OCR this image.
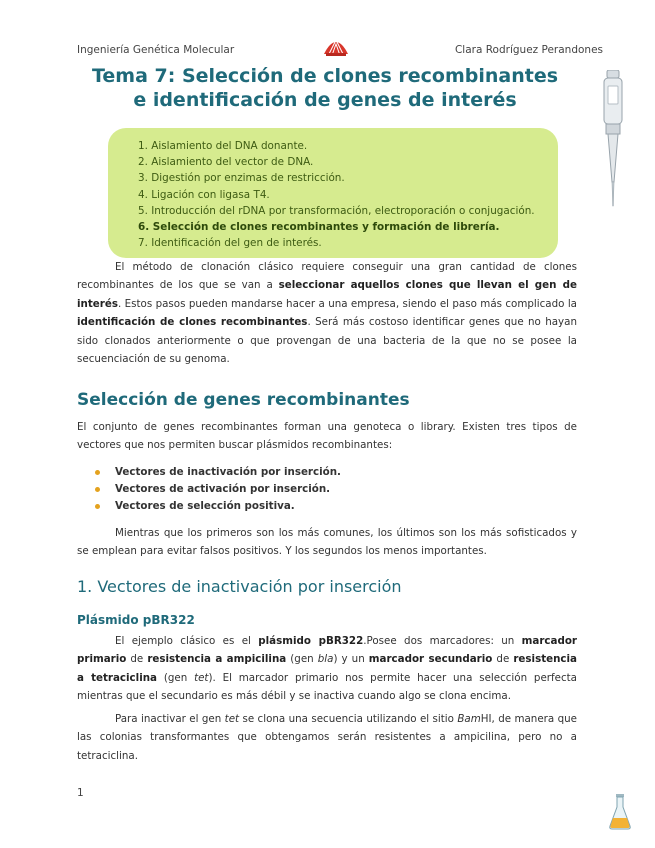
Ingeniería Genética Molecular	Clara Rodríguez Perandones
Tema 7: Selección de clones recombinantes e identificación de genes de interés
1. Aislamiento del DNA donante.
2. Aislamiento del vector de DNA.
3. Digestión por enzimas de restricción.
4. Ligación con ligasa T4.
5. Introducción del rDNA por transformación, electroporación o conjugación.
6. Selección de clones recombinantes y formación de librería.
7. Identificación del gen de interés.

El método de clonación clásico requiere conseguir una gran cantidad de clones recombinantes de los que se van a seleccionar aquellos clones que llevan el gen de interés. Estos pasos pueden mandarse hacer a una empresa, siendo el paso más complicado la identificación de clones recombinantes. Será más costoso identificar genes que no hayan sido clonados anteriormente o que provengan de una bacteria de la que no se posee la secuenciación de su genoma.

Selección de genes recombinantes

El conjunto de genes recombinantes forman una genoteca o library. Existen tres tipos de vectores que nos permiten buscar plásmidos recombinantes:

Vectores de inactivación por inserción.
Vectores de activación por inserción.
Vectores de selección positiva.

Mientras que los primeros son los más comunes, los últimos son los más sofisticados y se emplean para evitar falsos positivos. Y los segundos los menos importantes.

1. Vectores de inactivación por inserción
Plásmido pBR322

El ejemplo clásico es el plásmido pBR322.Posee dos marcadores: un marcador primario de resistencia a ampicilina (gen bla) y un marcador secundario de resistencia a tetraciclina (gen tet). El marcador primario nos permite hacer una selección perfecta mientras que el secundario es más débil y se inactiva cuando algo se clona encima.

Para inactivar el gen tet se clona una secuencia utilizando el sitio BamHI, de manera que las colonias transformantes que obtengamos serán resistentes a ampicilina, pero no a tetraciclina.

1
